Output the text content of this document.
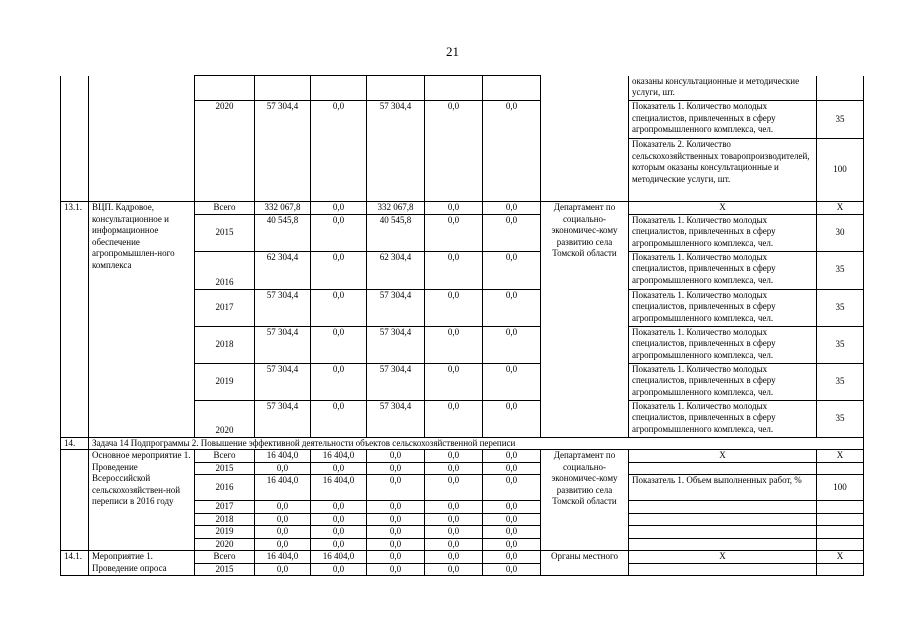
21
									оказаны консультационные и методические услуги, шт.	
		2020	57 304,4	0,0	57 304,4	0,0	0,0		Показатель 1. Количество молодых специалистов, привлеченных в сферу агропромышленного комплекса, чел.	35
									Показатель 2. Количество сельскохозяйственных товаропроизводителей, которым оказаны консультационные и методические услуги, шт.	100
13.1.	ВЦП. Кадровое, консультационное и информационное обеспечение агропромышлен-ного комплекса	Всего	332 067,8	0,0	332 067,8	0,0	0,0	Департамент по социально-экономичес-кому развитию села Томской области	X	X
		2015	40 545,8	0,0	40 545,8	0,0	0,0		Показатель 1. Количество молодых специалистов, привлеченных в сферу агропромышленного комплекса, чел.	30
		2016	62 304,4	0,0	62 304,4	0,0	0,0		Показатель 1. Количество молодых специалистов, привлеченных в сферу агропромышленного комплекса, чел.	35
		2017	57 304,4	0,0	57 304,4	0,0	0,0		Показатель 1. Количество молодых специалистов, привлеченных в сферу агропромышленного комплекса, чел.	35
		2018	57 304,4	0,0	57 304,4	0,0	0,0		Показатель 1. Количество молодых специалистов, привлеченных в сферу агропромышленного комплекса, чел.	35
		2019	57 304,4	0,0	57 304,4	0,0	0,0		Показатель 1. Количество молодых специалистов, привлеченных в сферу агропромышленного комплекса, чел.	35
		2020	57 304,4	0,0	57 304,4	0,0	0,0		Показатель 1. Количество молодых специалистов, привлеченных в сферу агропромышленного комплекса, чел.	35
14.	Задача 14 Подпрограммы 2. Повышение эффективной деятельности объектов сельскохозяйственной переписи									
	Основное мероприятие 1. Проведение Всероссийской сельскохозяйствен-ной переписи в 2016 году	Всего	16 404,0	16 404,0	0,0	0,0	0,0	Департамент по социально-экономичес-кому развитию села Томской области	X	X
		2015	0,0	0,0	0,0	0,0	0,0			
		2016	16 404,0	16 404,0	0,0	0,0	0,0		Показатель 1. Объем выполненных работ, %	100
		2017	0,0	0,0	0,0	0,0	0,0			
		2018	0,0	0,0	0,0	0,0	0,0			
		2019	0,0	0,0	0,0	0,0	0,0			
		2020	0,0	0,0	0,0	0,0	0,0			
14.1.	Мероприятие 1. Проведение опроса	Всего	16 404,0	16 404,0	0,0	0,0	0,0	Органы местного	X	X
		2015	0,0	0,0	0,0	0,0	0,0			
